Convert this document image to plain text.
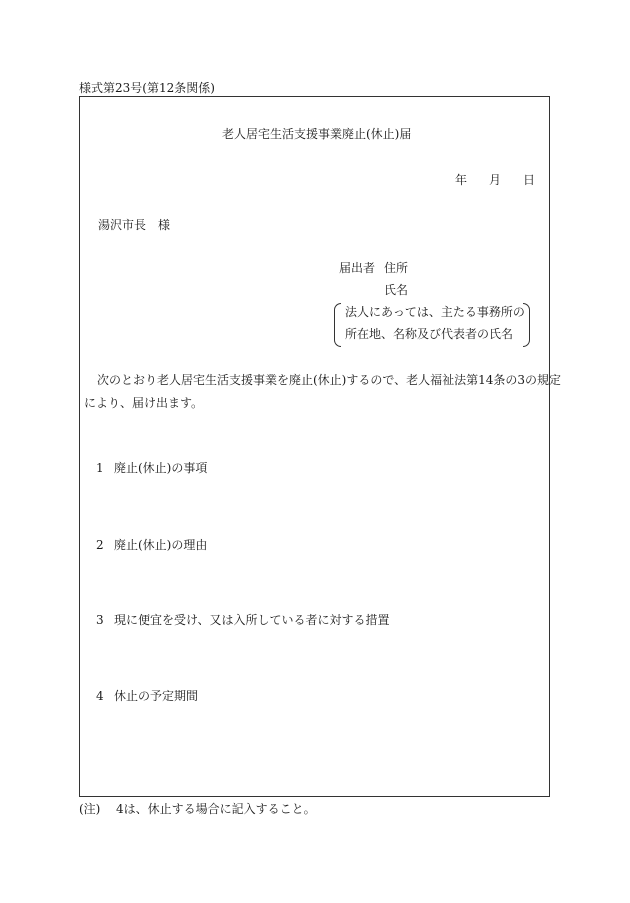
様式第23号(第12条関係)
老人居宅生活支援事業廃止(休止)届
年 月 日
湯沢市長　様
届出者 住所
氏名
法人にあっては、主たる事務所の
所在地、名称及び代表者の氏名
次のとおり老人居宅生活支援事業を廃止(休止)するので、老人福祉法第14条の3の規定
により、届け出ます。
1 廃止(休止)の事項
2 廃止(休止)の理由
3 現に便宜を受け、又は入所している者に対する措置
4 休止の予定期間
(注) 4は、休止する場合に記入すること。
